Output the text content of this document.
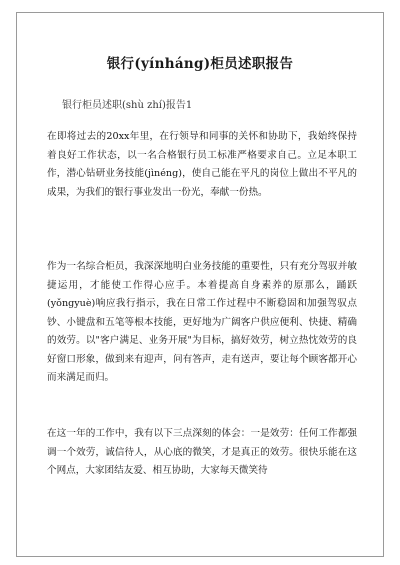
银行(yínháng)柜员述职报告
银行柜员述职(shù zhí)报告1

在即将过去的20xx年里，在行领导和同事的关怀和协助下，我始终保持着良好工作状态，以一名合格银行员工标准严格要求自己。立足本职工作，潜心钻研业务技能(jìnéng)，使自己能在平凡的岗位上做出不平凡的成果，为我们的银行事业发出一份光，奉献一份热。

作为一名综合柜员，我深深地明白业务技能的重要性，只有充分驾驭并敏捷运用，才能使工作得心应手。本着提高自身素养的原那么，踊跃(yǒngyuè)响应我行指示，我在日常工作过程中不断稳固和加强驾驭点钞、小键盘和五笔等根本技能，更好地为广阔客户供应便利、快捷、精确的效劳。以"客户满足、业务开展"为目标，搞好效劳，树立热忱效劳的良好窗口形象，做到来有迎声，问有答声，走有送声，要让每个顾客都开心而来满足而归。

在这一年的工作中，我有以下三点深刻的体会：一是效劳：任何工作都强调一个效劳，诚信待人，从心底的微笑，才是真正的效劳。很快乐能在这个网点，大家团结友爱、相互协助，大家每天微笑待
